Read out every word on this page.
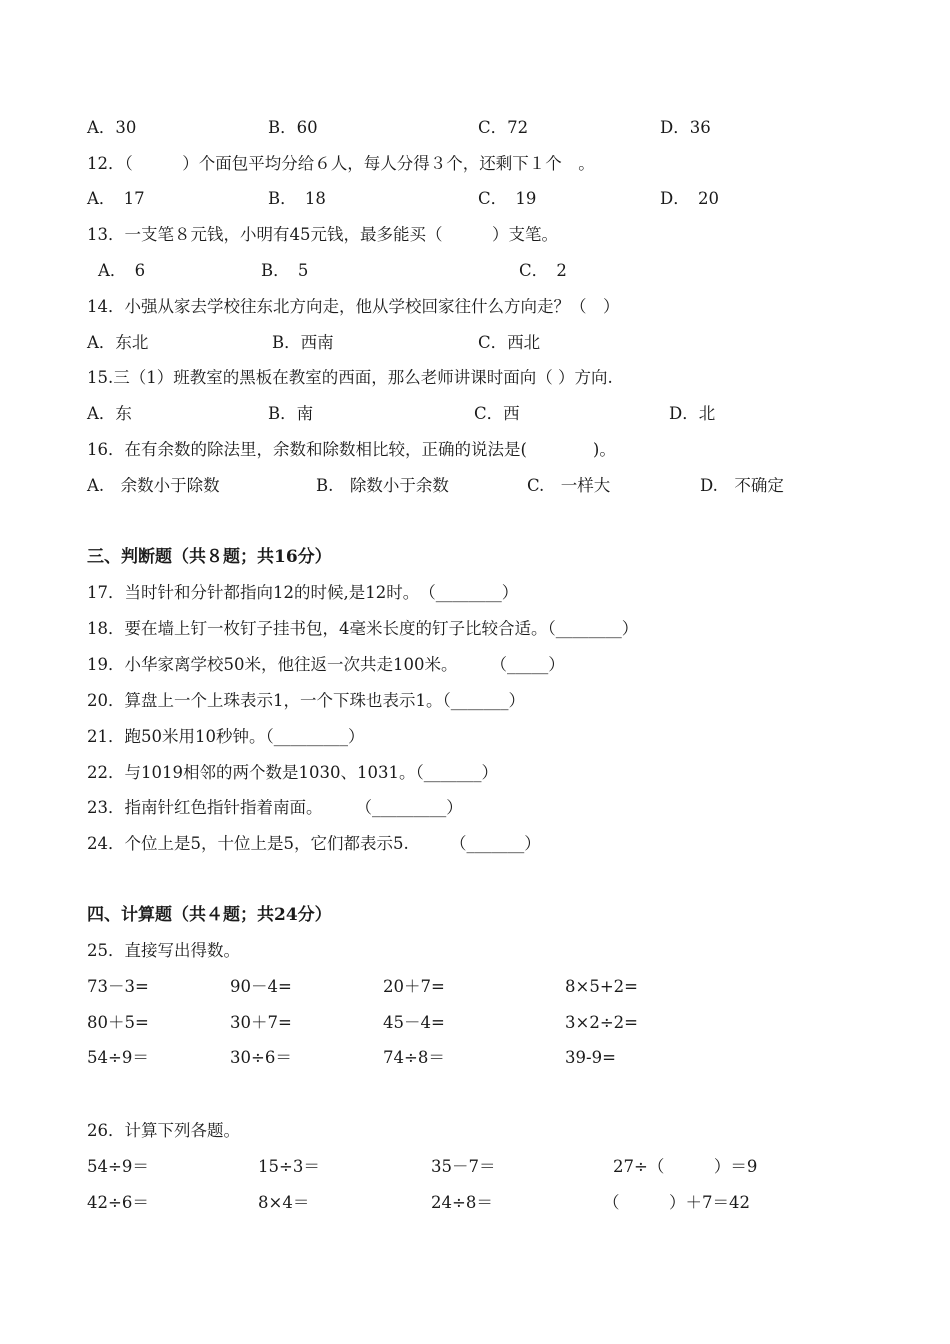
A．30	B．60	C．72	D．36
12．（　　　）个面包平均分给６人，每人分得３个，还剩下１个　。
A．　17	B．　18	C．　19	D．　20
13．一支笔８元钱，小明有45元钱，最多能买（　　　）支笔。
A．　6	B．　5	C．　2
14．小强从家去学校往东北方向走，他从学校回家往什么方向走？（　）
A．东北	B．西南	C．西北
15.三（1）班教室的黑板在教室的西面，那么老师讲课时面向（ ）方向.
A．东	B．南	C．西	D．北
16．在有余数的除法里，余数和除数相比较，正确的说法是(　　　　)。
A.　余数小于除数	B.　除数小于余数	C.　一样大	D.　不确定
三、判断题（共８题；共16分）
17．当时针和分针都指向12的时候,是12时。　（________）
18．要在墙上钉一枚钉子挂书包，4毫米长度的钉子比较合适。（________）
19．小华家离学校50米，他往返一次共走100米。　　　（_____）
20．算盘上一个上珠表示1，一个下珠也表示1。（_______）
21．跑50米用10秒钟。（_________）
22．与1019相邻的两个数是1030、1031。（_______）
23．指南针红色指针指着南面。　　　（_________）
24．个位上是5，十位上是5，它们都表示5.　　　（_______）
四、计算题（共４题；共24分）
25．直接写出得数。
73－3=	90－4=	20＋7=	8×5+2=
80＋5=	30＋7=	45－4=	3×2÷2=
54÷9＝	30÷6＝	74÷8＝	39-9=
26．计算下列各题。
54÷9＝	15÷3＝	35－7＝	27÷（　　　）＝9
42÷6＝	8×4＝	24÷8＝	（　　　）＋7＝42
